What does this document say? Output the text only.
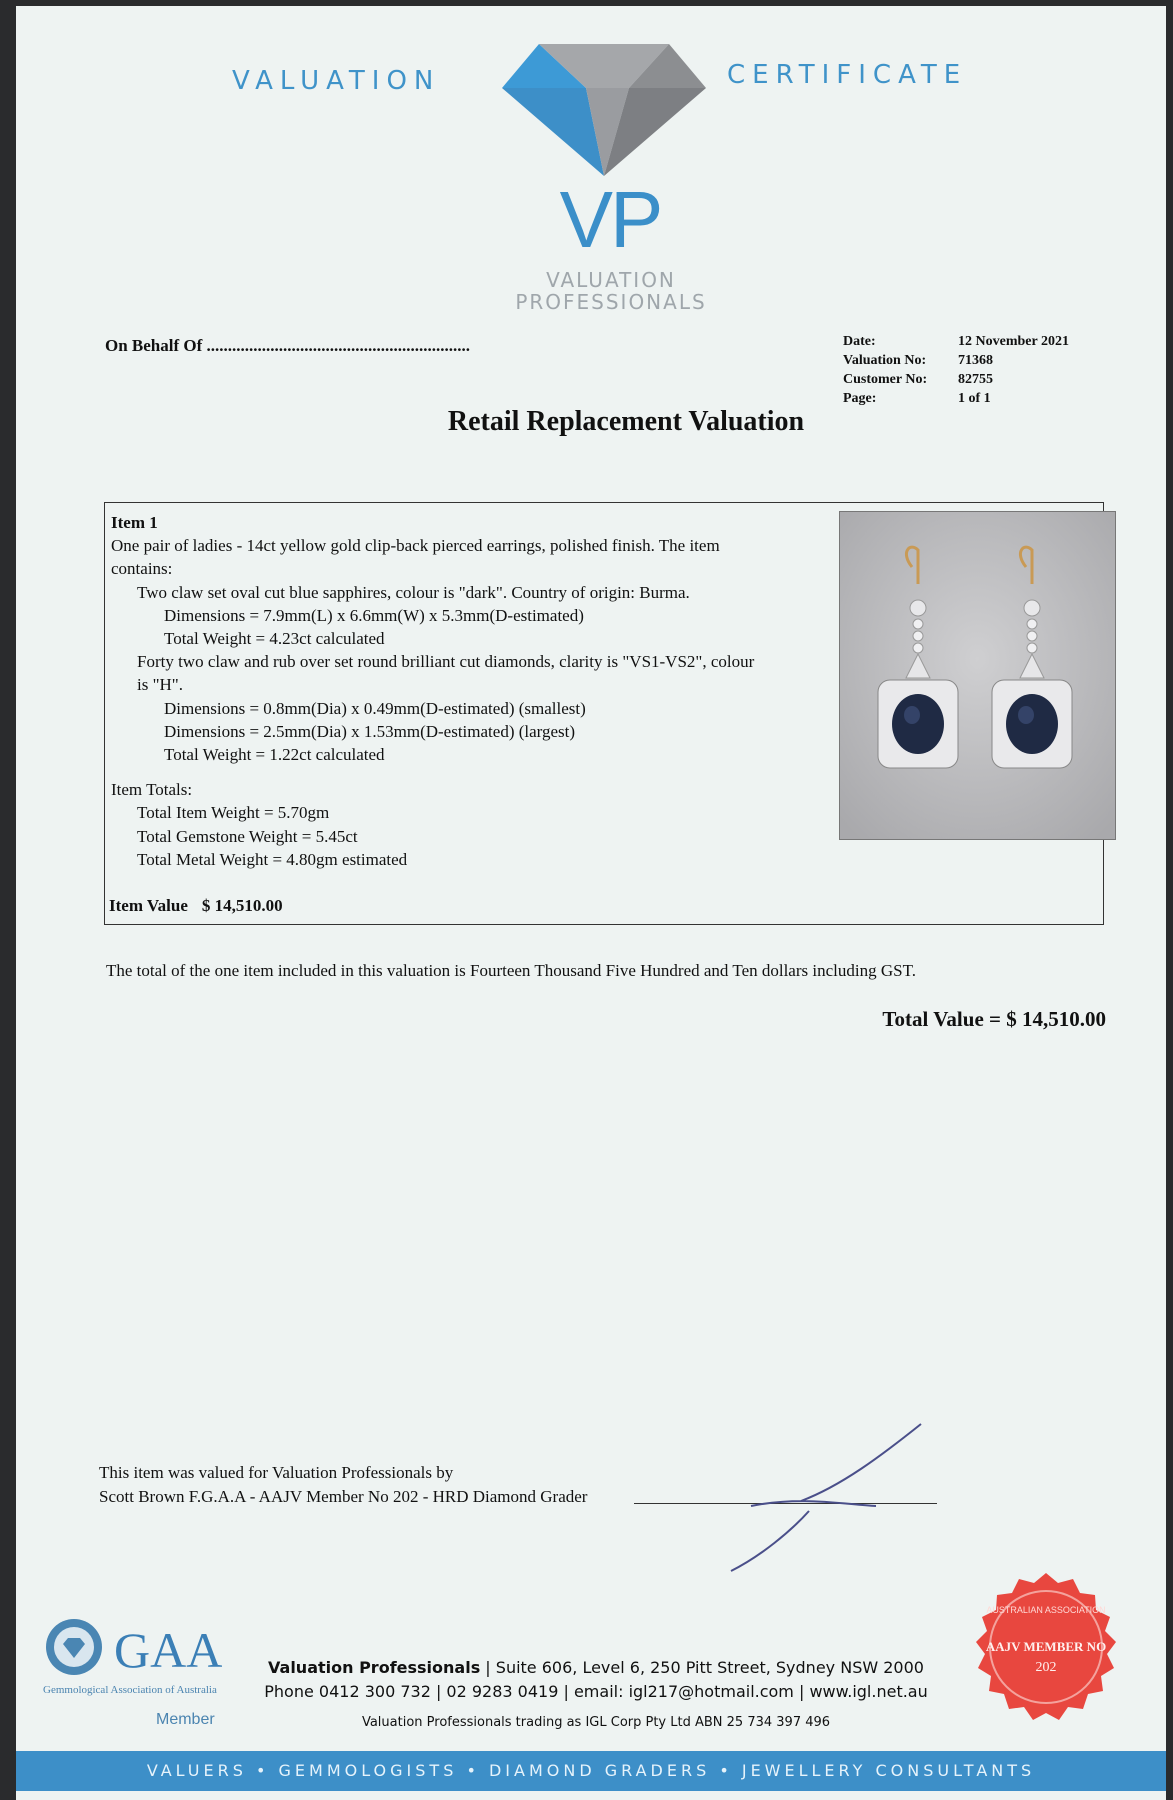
VALUATION	CERTIFICATE
VP
VALUATION
PROFESSIONALS
On Behalf Of ..............................................................	Date:	12 November 2021
Valuation No:	71368
Customer No:	82755
Page:	1 of 1
Retail Replacement Valuation
Item 1
One pair of ladies - 14ct yellow gold clip-back pierced earrings, polished finish. The item
contains:
Two claw set oval cut blue sapphires, colour is "dark". Country of origin: Burma.
Dimensions = 7.9mm(L) x 6.6mm(W) x 5.3mm(D-estimated)
Total Weight = 4.23ct calculated
Forty two claw and rub over set round brilliant cut diamonds, clarity is "VS1-VS2", colour
is "H".
Dimensions = 0.8mm(Dia) x 0.49mm(D-estimated) (smallest)
Dimensions = 2.5mm(Dia) x 1.53mm(D-estimated) (largest)
Total Weight = 1.22ct calculated
Item Totals:
Total Item Weight = 5.70gm
Total Gemstone Weight = 5.45ct
Total Metal Weight = 4.80gm estimated
Item Value $ 14,510.00
The total of the one item included in this valuation is Fourteen Thousand Five Hundred and Ten dollars including GST.
Total Value = $ 14,510.00
This item was valued for Valuation Professionals by
Scott Brown F.G.A.A - AAJV Member No 202 - HRD Diamond Grader
GAA
Gemmological Association of Australia
Member
Valuation Professionals | Suite 606, Level 6, 250 Pitt Street, Sydney NSW 2000
Phone 0412 300 732 | 02 9283 0419 | email: igl217@hotmail.com | www.igl.net.au
Valuation Professionals trading as IGL Corp Pty Ltd ABN 25 734 397 496
AUSTRALIAN ASSOCIATION
AAJV MEMBER NO
202
VALUERS • GEMMOLOGISTS • DIAMOND GRADERS • JEWELLERY CONSULTANTS
